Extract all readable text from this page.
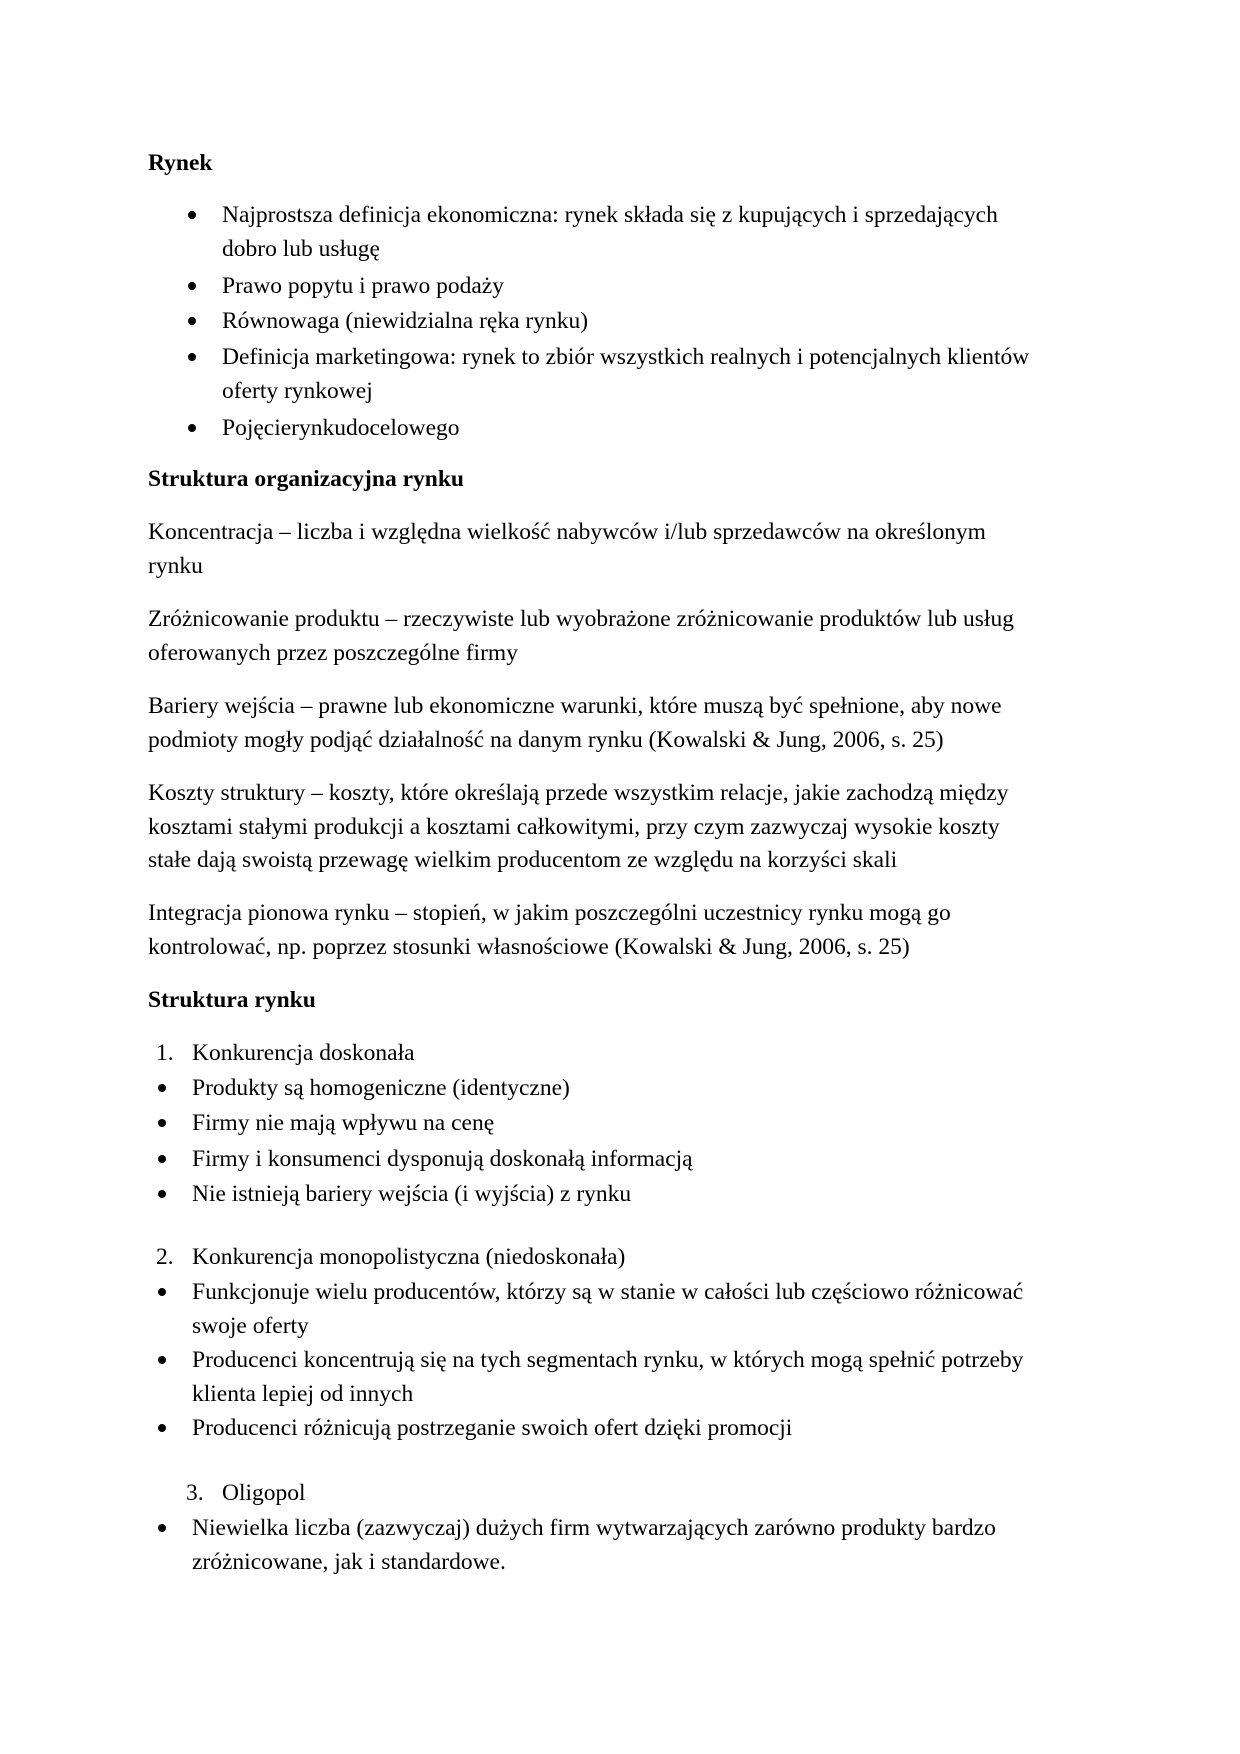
Rynek
Najprostsza definicja ekonomiczna: rynek składa się z kupujących i sprzedających
dobro lub usługę
Prawo popytu i prawo podaży
Równowaga (niewidzialna ręka rynku)
Definicja marketingowa: rynek to zbiór wszystkich realnych i potencjalnych klientów
oferty rynkowej
Pojęcierynkudocelowego
Struktura organizacyjna rynku
Koncentracja – liczba i względna wielkość nabywców i/lub sprzedawców na określonym
rynku
Zróżnicowanie produktu – rzeczywiste lub wyobrażone zróżnicowanie produktów lub usług
oferowanych przez poszczególne firmy
Bariery wejścia – prawne lub ekonomiczne warunki, które muszą być spełnione, aby nowe
podmioty mogły podjąć działalność na danym rynku (Kowalski & Jung, 2006, s. 25)
Koszty struktury – koszty, które określają przede wszystkim relacje, jakie zachodzą między
kosztami stałymi produkcji a kosztami całkowitymi, przy czym zazwyczaj wysokie koszty
stałe dają swoistą przewagę wielkim producentom ze względu na korzyści skali
Integracja pionowa rynku – stopień, w jakim poszczególni uczestnicy rynku mogą go
kontrolować, np. poprzez stosunki własnościowe (Kowalski & Jung, 2006, s. 25)
Struktura rynku
1. Konkurencja doskonała
Produkty są homogeniczne (identyczne)
Firmy nie mają wpływu na cenę
Firmy i konsumenci dysponują doskonałą informacją
Nie istnieją bariery wejścia (i wyjścia) z rynku
2. Konkurencja monopolistyczna (niedoskonała)
Funkcjonuje wielu producentów, którzy są w stanie w całości lub częściowo różnicować
swoje oferty
Producenci koncentrują się na tych segmentach rynku, w których mogą spełnić potrzeby
klienta lepiej od innych
Producenci różnicują postrzeganie swoich ofert dzięki promocji
3. Oligopol
Niewielka liczba (zazwyczaj) dużych firm wytwarzających zarówno produkty bardzo
zróżnicowane, jak i standardowe.
